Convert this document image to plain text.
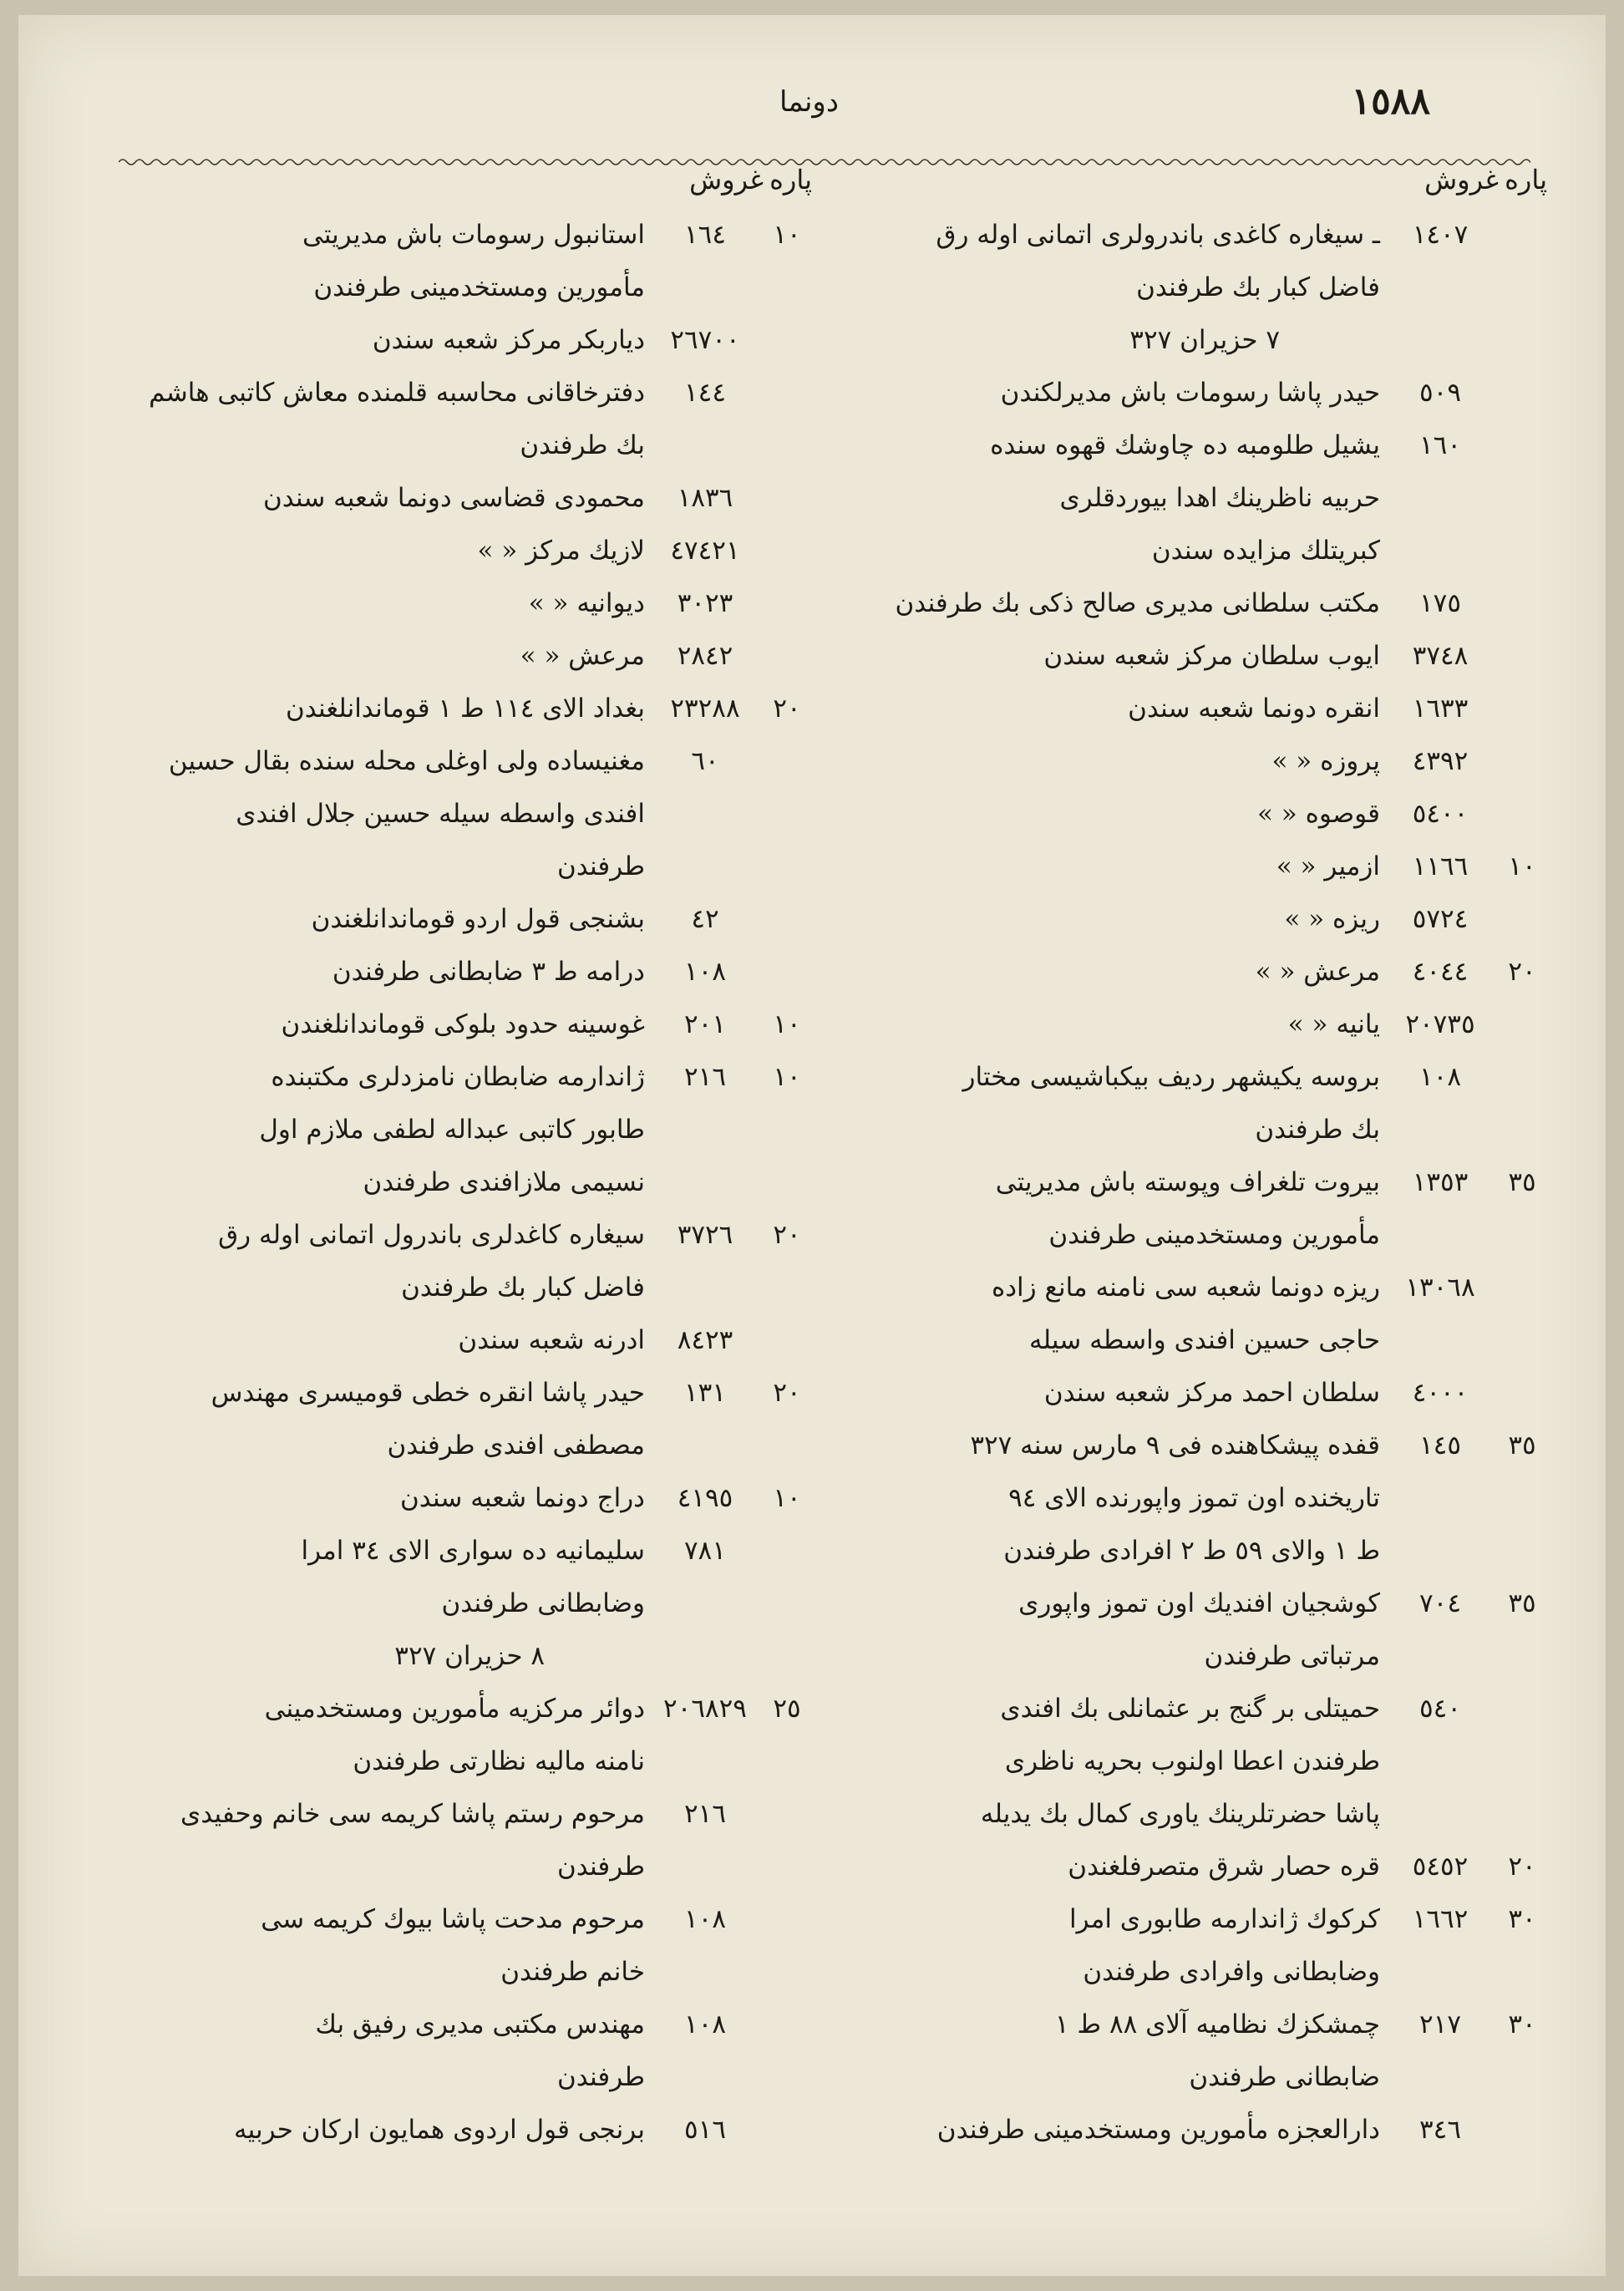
١٥٨٨
دونما
پاره
غروش
١٤٠٧
ـ سيغاره كاغدی باندرولری اتمانی اوله رق
فاضل كبار بك طرفندن
٧ حزيران ٣٢٧
٥٠٩
حيدر پاشا رسومات باش مديرلكندن
١٦٠
يشيل طلومبه ده چاوشك قهوه سنده
حربيه ناظرينك اهدا بيوردقلری
كبريتلك مزايده سندن
١٧٥
مكتب سلطانی مديری صالح ذكی بك طرفندن
٣٧٤٨
ايوب سلطان مركز شعبه سندن
١٦٣٣
انقره دونما شعبه سندن
٤٣٩٢
پروزه « »
٥٤٠٠
قوصوه « »
١٠
١١٦٦
ازمير « »
٥٧٢٤
ريزه « »
٢٠
٤٠٤٤
مرعش « »
٢٠٧٣٥
يانيه « »
١٠٨
بروسه يكيشهر رديف بيكباشيسی مختار
بك طرفندن
٣٥
١٣٥٣
بيروت تلغراف وپوسته باش مديريتی
مأمورين ومستخدمينی طرفندن
١٣٠٦٨
ريزه دونما شعبه سی نامنه مانع زاده
حاجی حسين افندی واسطه سيله
٤٠٠٠
سلطان احمد مركز شعبه سندن
٣٥
١٤٥
قفده پيشكاهنده فی ٩ مارس سنه ٣٢٧
تاريخنده اون تموز واپورنده الای ٩٤
ط ١ والای ٥٩ ط ٢ افرادی طرفندن
٣٥
٧٠٤
كوشجيان افنديك اون تموز واپوری
مرتباتی طرفندن
٥٤٠
حميتلی بر گنج بر عثمانلی بك افندی
طرفندن اعطا اولنوب بحريه ناظری
پاشا حضرتلرينك ياوری كمال بك يديله
٢٠
٥٤٥٢
قره حصار شرق متصرفلغندن
٣٠
١٦٦٢
كركوك ژاندارمه طابوری امرا
وضابطانی وافرادی طرفندن
٣٠
٢١٧
چمشكزك نظاميه آلای ٨٨ ط ١
ضابطانی طرفندن
٣٤٦
دارالعجزه مأمورين ومستخدمينی طرفندن
پاره
غروش
١٠
١٦٤
استانبول رسومات باش مديريتی
مأمورين ومستخدمينی طرفندن
٢٦٧٠٠
دياربكر مركز شعبه سندن
١٤٤
دفترخاقانی محاسبه قلمنده معاش كاتبی هاشم
بك طرفندن
١٨٣٦
محمودی قضاسی دونما شعبه سندن
٤٧٤٢١
لازيك مركز « »
٣٠٢٣
ديوانيه « »
٢٨٤٢
مرعش « »
٢٠
٢٣٢٨٨
بغداد الای ١١٤ ط ١ قوماندانلغندن
٦٠
مغنيساده ولی اوغلی محله سنده بقال حسين
افندی واسطه سيله حسين جلال افندی
طرفندن
٤٢
بشنجی قول اردو قوماندانلغندن
١٠٨
درامه ط ٣ ضابطانی طرفندن
١٠
٢٠١
غوسينه حدود بلوكی قوماندانلغندن
١٠
٢١٦
ژاندارمه ضابطان نامزدلری مكتبنده
طابور كاتبی عبداله لطفی ملازم اول
نسيمی ملازافندی طرفندن
٢٠
٣٧٢٦
سيغاره كاغدلری باندرول اتمانی اوله رق
فاضل كبار بك طرفندن
٨٤٢٣
ادرنه شعبه سندن
٢٠
١٣١
حيدر پاشا انقره خطی قوميسری مهندس
مصطفی افندی طرفندن
١٠
٤١٩٥
دراج دونما شعبه سندن
٧٨١
سليمانيه ده سواری الای ٣٤ امرا
وضابطانی طرفندن
٨ حزيران ٣٢٧
٢٥
٢٠٦٨٢٩
دوائر مركزيه مأمورين ومستخدمينی
نامنه ماليه نظارتی طرفندن
٢١٦
مرحوم رستم پاشا كريمه سی خانم وحفيدی
طرفندن
١٠٨
مرحوم مدحت پاشا بيوك كريمه سی
خانم طرفندن
١٠٨
مهندس مكتبی مديری رفيق بك
طرفندن
٥١٦
برنجی قول اردوی همايون اركان حربيه
